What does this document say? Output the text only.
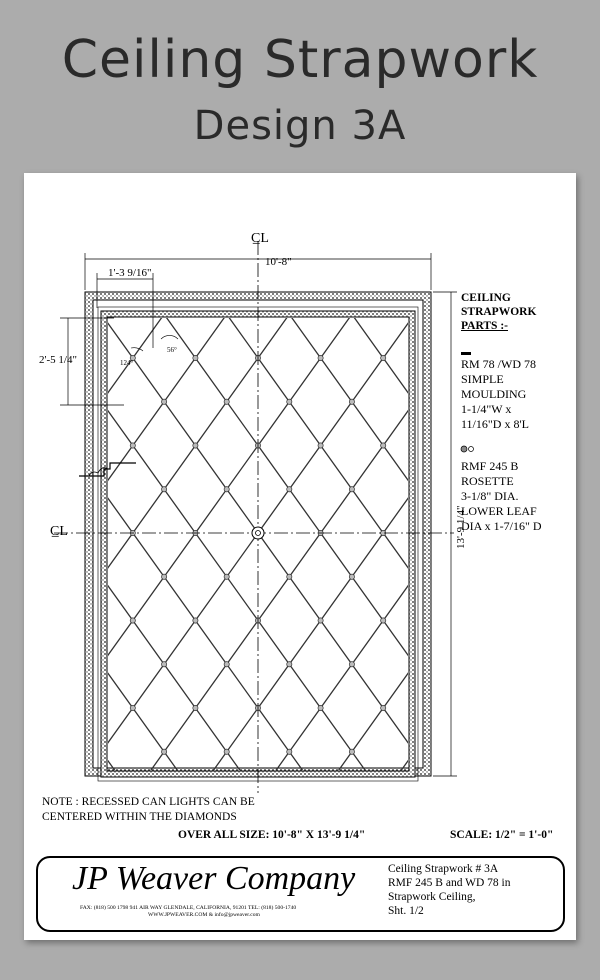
Ceiling Strapwork
Design 3A
C̲L
C̲L
10'-8"
1'-3 9/16"
2'-5 1/4"	124°
56°
13'-9 1/4"
CEILING
STRAPWORK
PARTS :-
RM 78 /WD 78
SIMPLE
MOULDING
1-1/4"W x
11/16"D x 8'L
RMF 245 B
ROSETTE
3-1/8" DIA.
LOWER LEAF
DIA x 1-7/16" D
NOTE : RECESSED CAN LIGHTS CAN BE
CENTERED WITHIN THE DIAMONDS
OVER ALL SIZE: 10'-8" X 13'-9 1/4"	SCALE: 1/2" = 1'-0"
JP Weaver Company
FAX: (818) 500 1798 941 AIR WAY GLENDALE, CALIFORNIA, 91201 TEL: (818) 500-1740
WWW.JPWEAVER.COM & info@jpweaver.com
Ceiling Strapwork # 3A
RMF 245 B and WD 78 in
Strapwork Ceiling,
Sht. 1/2
